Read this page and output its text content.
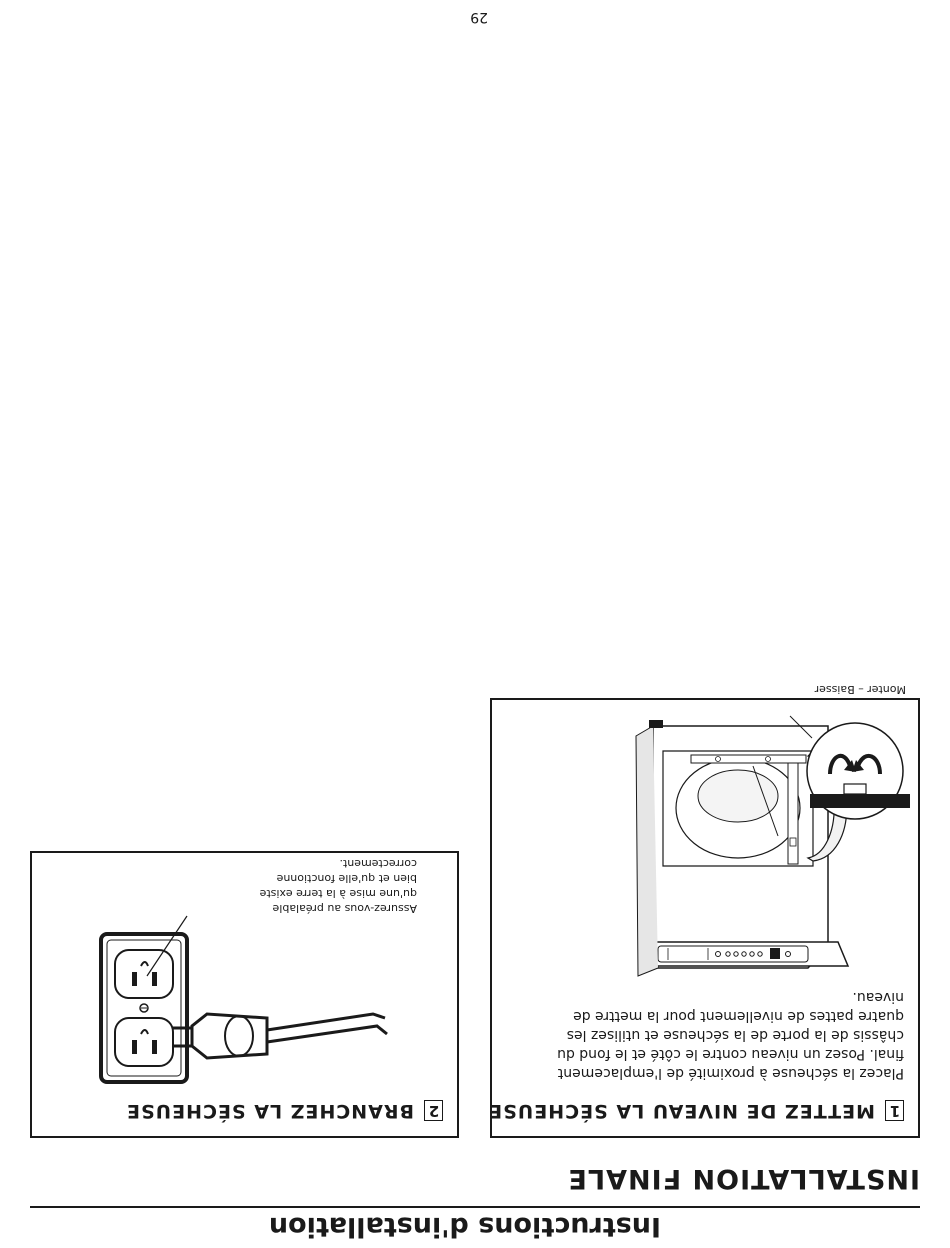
Instructions d'installation
INSTALLATION FINALE
1
METTEZ DE NIVEAU LA SÉCHEUSE
Placez la sécheuse à proximité de l'emplacement final. Posez un niveau contre le côté et le fond du châssis de la porte de la sécheuse et utilisez les quatre pattes de nivellement pour la mettre de niveau.
Monter – Baisser
2
BRANCHEZ LA SÉCHEUSE
Assurez-vous au préalable qu'une mise à la terre existe bien et qu'elle fonctionne correctement.
29
